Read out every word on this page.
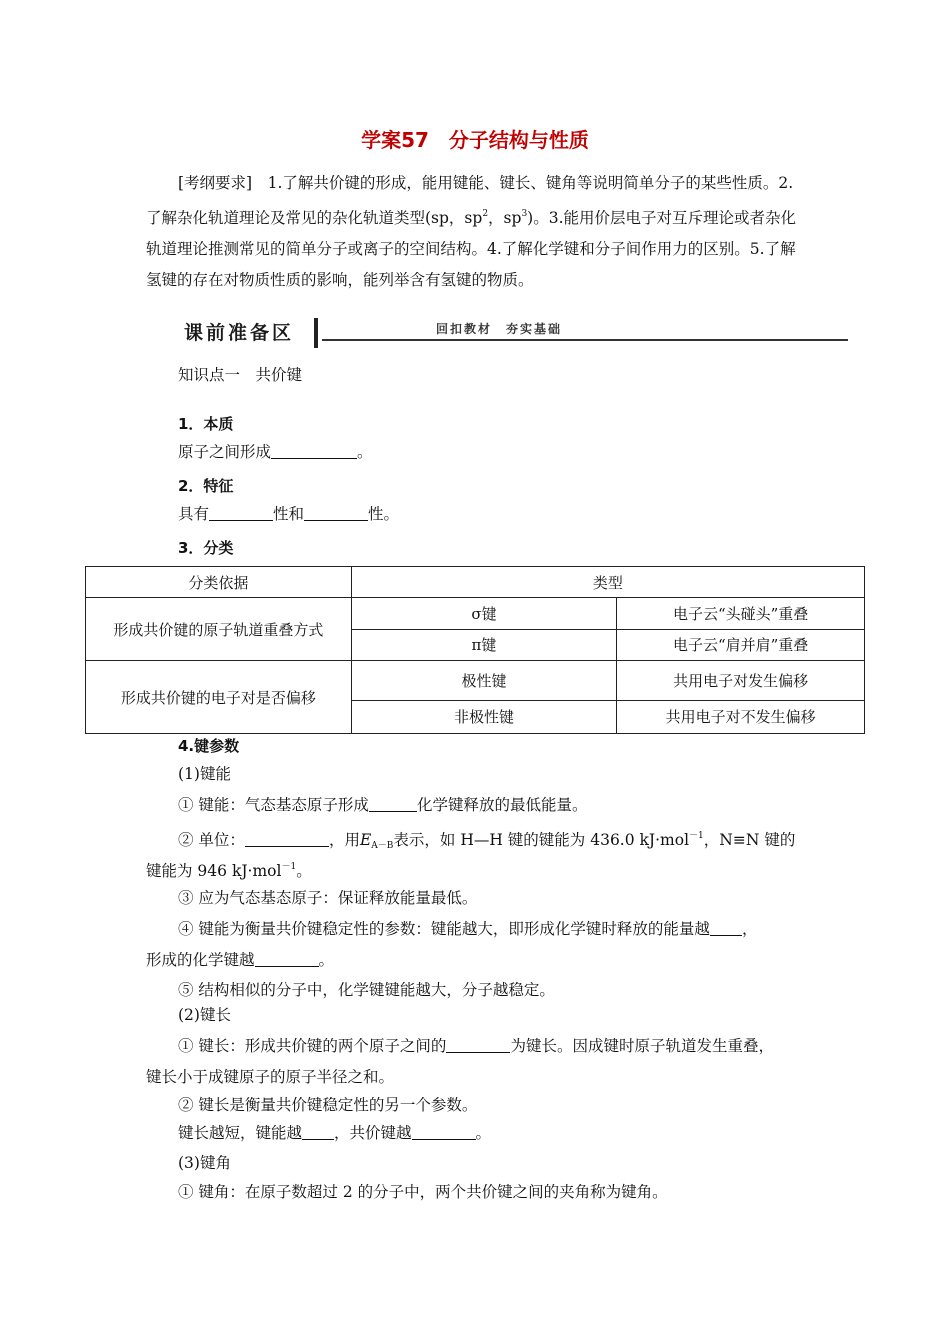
学案57　分子结构与性质
[考纲要求]　 1.了解共价键的形成，能用键能、键长、键角等说明简单分子的某些性质。2.了解杂化轨道理论及常见的杂化轨道类型(sp，$sp^2$，$sp^3$)。3.能用价层电子对互斥理论或者杂化轨道理论推测常见的简单分子或离子的空间结构。4.了解化学键和分子间作用力的区别。5.了解氢键的存在对物质性质的影响，能列举含有氢键的物质。
课前准备区	回扣教材　夯实基础
知识点一　共价键
1．本质
原子之间形成	。
2．特征
具有	性和	性。
3．分类
分类依据	类型	
形成共价键的原子轨道重叠方式	σ键	电子云“头碰头”重叠
	π键	电子云“肩并肩”重叠
形成共价键的电子对是否偏移	极性键	共用电子对发生偏移
	非极性键	共用电子对不发生偏移
4.键参数
(1)键能
① 键能：气态基态原子形成	化学键释放的最低能量。
② 单位：	，用$E_{A-B}$表示，如 H—H 键的键能为 436.0 kJ·mol$^{-1}$，N≡N 键的
键能为 946 kJ·mol$^{-1}$。
③ 应为气态基态原子：保证释放能量最低。
④ 键能为衡量共价键稳定性的参数：键能越大，即形成化学键时释放的能量越 ，
形成的化学键越	。
⑤ 结构相似的分子中，化学键键能越大，分子越稳定。
(2)键长
① 键长：形成共价键的两个原子之间的	为键长。因成键时原子轨道发生重叠，
键长小于成键原子的原子半径之和。
② 键长是衡量共价键稳定性的另一个参数。
键长越短，键能越 ，共价键越	。
(3)键角
① 键角：在原子数超过 2 的分子中，两个共价键之间的夹角称为键角。
